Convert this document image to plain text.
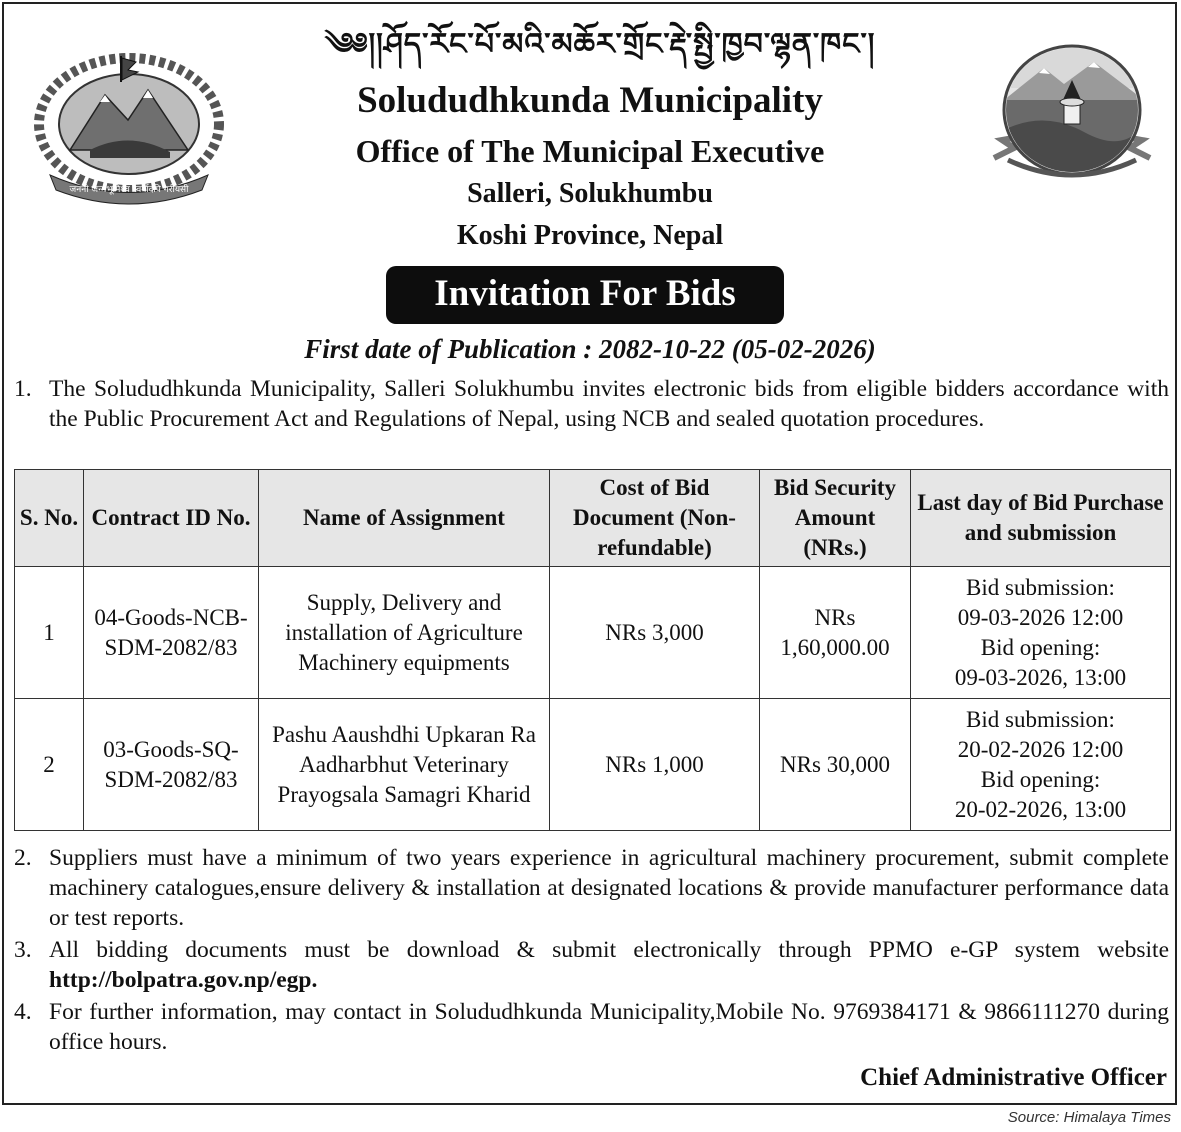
जननी जन्मभूमिश्च स्वर्गादपि गरीयसी
༄༅།།ཤོད་རོང་པོ་མའི་མཆོར་གྲོང་རྡེ་སྤྱི་ཁྱབ་ལྷན་ཁང་།
Solududhkunda Municipality
Office of The Municipal Executive
Salleri, Solukhumbu
Koshi Province, Nepal
Invitation For Bids
First date of Publication : 2082-10-22 (05-02-2026)
1. The Solududhkunda Municipality, Salleri Solukhumbu invites electronic bids from eligible bidders accordance with the Public Procurement Act and Regulations of Nepal, using NCB and sealed quotation procedures.
S. No.	Contract ID No.	Name of Assignment	Cost of Bid Document (Non-refundable)	Bid Security Amount (NRs.)	Last day of Bid Purchase and submission
1	04-Goods-NCB-SDM-2082/83	Supply, Delivery and installation of Agriculture Machinery equipments	NRs 3,000	NRs 1,60,000.00	Bid submission:
09-03-2026 12:00
Bid opening:
09-03-2026, 13:00

2	03-Goods-SQ-SDM-2082/83	Pashu Aaushdhi Upkaran Ra Aadharbhut Veterinary Prayogsala Samagri Kharid	NRs 1,000	NRs 30,000	Bid submission:
20-02-2026 12:00
Bid opening:
20-02-2026, 13:00
2. Suppliers must have a minimum of two years experience in agricultural machinery procurement, submit complete machinery catalogues,ensure delivery & installation at designated locations & provide manufacturer performance data or test reports.
3. All bidding documents must be download & submit electronically through PPMO e-GP system website http://bolpatra.gov.np/egp.
4. For further information, may contact in Solududhkunda Municipality,Mobile No. 9769384171 & 9866111270 during office hours.
Chief Administrative Officer
Source: Himalaya Times
